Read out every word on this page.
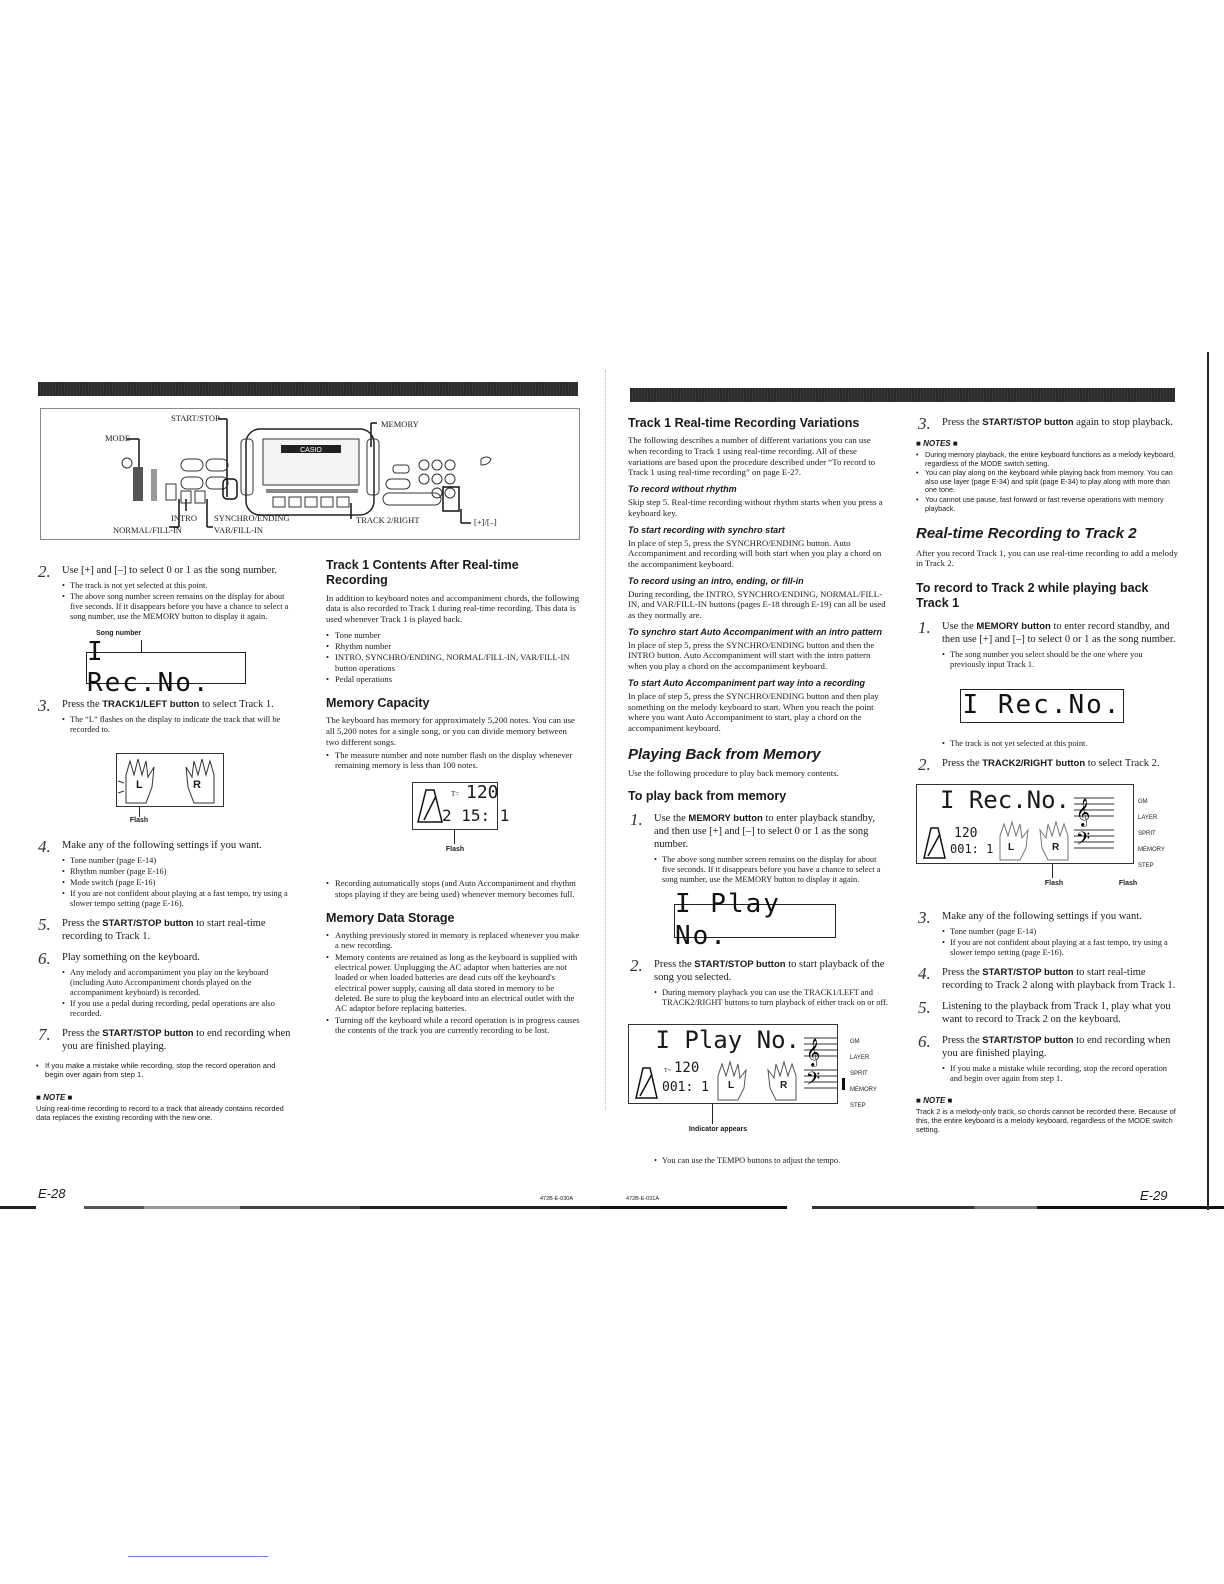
START/STOP
MODE
MEMORY
INTRO
NORMAL/FILL-IN
SYNCHRO/ENDING
VAR/FILL-IN
TRACK 2/RIGHT	[+]/[–]
CASIO
2. Use [+] and [–] to select 0 or 1 as the song number.
• The track is not yet selected at this point.
• The above song number screen remains on the display for about five seconds. If it disappears before you have a chance to select a song number, use the MEMORY button to display it again.
Song number
I Rec.No.
3. Press the TRACK1/LEFT button to select Track 1.
• The “L” flashes on the display to indicate the track that will be recorded to.
L	R
Flash
4. Make any of the following settings if you want.
• Tone number (page E-14)
• Rhythm number (page E-16)
• Mode switch (page E-16)
• If you are not confident about playing at a fast tempo, try using a slower tempo setting (page E-16).
5. Press the START/STOP button to start real-time recording to Track 1.
6. Play something on the keyboard.
• Any melody and accompaniment you play on the keyboard (including Auto Accompaniment chords played on the accompaniment keyboard) is recorded.
• If you use a pedal during recording, pedal operations are also recorded.
7. Press the START/STOP button to end recording when you are finished playing.
• If you make a mistake while recording, stop the record operation and begin over again from step 1.
■ NOTE ■
Using real-time recording to record to a track that already contains recorded data replaces the existing recording with the new one.
Track 1 Contents After Real-time Recording

In addition to keyboard notes and accompaniment chords, the following data is also recorded to Track 1 during real-time recording. This data is used whenever Track 1 is played back.

• Tone number
• Rhythm number
• INTRO, SYNCHRO/ENDING, NORMAL/FILL-IN, VAR/FILL-IN button operations
• Pedal operations
Memory Capacity

The keyboard has memory for approximately 5,200 notes. You can use all 5,200 notes for a single song, or you can divide memory between two different songs.

• The measure number and note number flash on the display whenever remaining memory is less than 100 notes.
T= 120
2 15: 1
Flash
• Recording automatically stops (and Auto Accompaniment and rhythm stops playing if they are being used) whenever memory becomes full.
Memory Data Storage
• Anything previously stored in memory is replaced whenever you make a new recording.
• Memory contents are retained as long as the keyboard is supplied with electrical power. Unplugging the AC adaptor when batteries are not loaded or when loaded batteries are dead cuts off the keyboard's electrical power supply, causing all data stored in memory to be deleted. Be sure to plug the keyboard into an electrical outlet with the AC adaptor before replacing batteries.
• Turning off the keyboard while a record operation is in progress causes the contents of the track you are currently recording to be lost.
E-28	472B-E-030A
Track 1 Real-time Recording Variations

The following describes a number of different variations you can use when recording to Track 1 using real-time recording. All of these variations are based upon the procedure described under “To record to Track 1 using real-time recording” on page E-27.

To record without rhythm

Skip step 5. Real-time recording without rhythm starts when you press a keyboard key.

To start recording with synchro start

In place of step 5, press the SYNCHRO/ENDING button. Auto Accompaniment and recording will both start when you play a chord on the accompaniment keyboard.

To record using an intro, ending, or fill-in

During recording, the INTRO, SYNCHRO/ENDING, NORMAL/FILL-IN, and VAR/FILL-IN buttons (pages E-18 through E-19) can all be used as they normally are.

To synchro start Auto Accompaniment with an intro pattern

In place of step 5, press the SYNCHRO/ENDING button and then the INTRO button. Auto Accompaniment will start with the intro pattern when you play a chord on the accompaniment keyboard.

To start Auto Accompaniment part way into a recording

In place of step 5, press the SYNCHRO/ENDING button and then play something on the melody keyboard to start. When you reach the point where you want Auto Accompaniment to start, play a chord on the accompaniment keyboard.

Playing Back from Memory

Use the following procedure to play back memory contents.

To play back from memory
1. Use the MEMORY button to enter playback standby, and then use [+] and [–] to select 0 or 1 as the song number.
• The above song number screen remains on the display for about five seconds. If it disappears before you have a chance to select a song number, use the MEMORY button to display it again.
I Play No.
2. Press the START/STOP button to start playback of the song you selected.
• During memory playback you can use the TRACK1/LEFT and TRACK2/RIGHT buttons to turn playback of either track on or off.
I Play No.
T= 120
001: 1 L	R
𝄞
𝄢
GM
LAYER
SPRIT
MEMORY
STEP
Indicator appears
• You can use the TEMPO buttons to adjust the tempo.
472B-E-031A
3. Press the START/STOP button again to stop playback.
■ NOTES ■
• During memory playback, the entire keyboard functions as a melody keyboard, regardless of the MODE switch setting.
• You can play along on the keyboard while playing back from memory. You can also use layer (page E-34) and split (page E-34) to play along with more than one tone.
• You cannot use pause, fast forward or fast reverse operations with memory playback.
Real-time Recording to Track 2

After you record Track 1, you can use real-time recording to add a melody in Track 2.

To record to Track 2 while playing back Track 1
1. Use the MEMORY button to enter record standby, and then use [+] and [–] to select 0 or 1 as the song number.
• The song number you select should be the one where you previously input Track 1.
I Rec.No.
• The track is not yet selected at this point.
2. Press the TRACK2/RIGHT button to select Track 2.
I Rec.No.
120
001: 1 L	R
𝄞
𝄢
GM
LAYER
SPRIT
MEMORY
STEP
Flash	Flash
3. Make any of the following settings if you want.
• Tone number (page E-14)
• If you are not confident about playing at a fast tempo, try using a slower tempo setting (page E-16).
4. Press the START/STOP button to start real-time recording to Track 2 along with playback from Track 1.
5. Listening to the playback from Track 1, play what you want to record to Track 2 on the keyboard.
6. Press the START/STOP button to end recording when you are finished playing.
• If you make a mistake while recording, stop the record operation and begin over again from step 1.
■ NOTE ■
Track 2 is a melody-only track, so chords cannot be recorded there. Because of this, the entire keyboard is a melody keyboard, regardless of the MODE switch setting.
E-29
